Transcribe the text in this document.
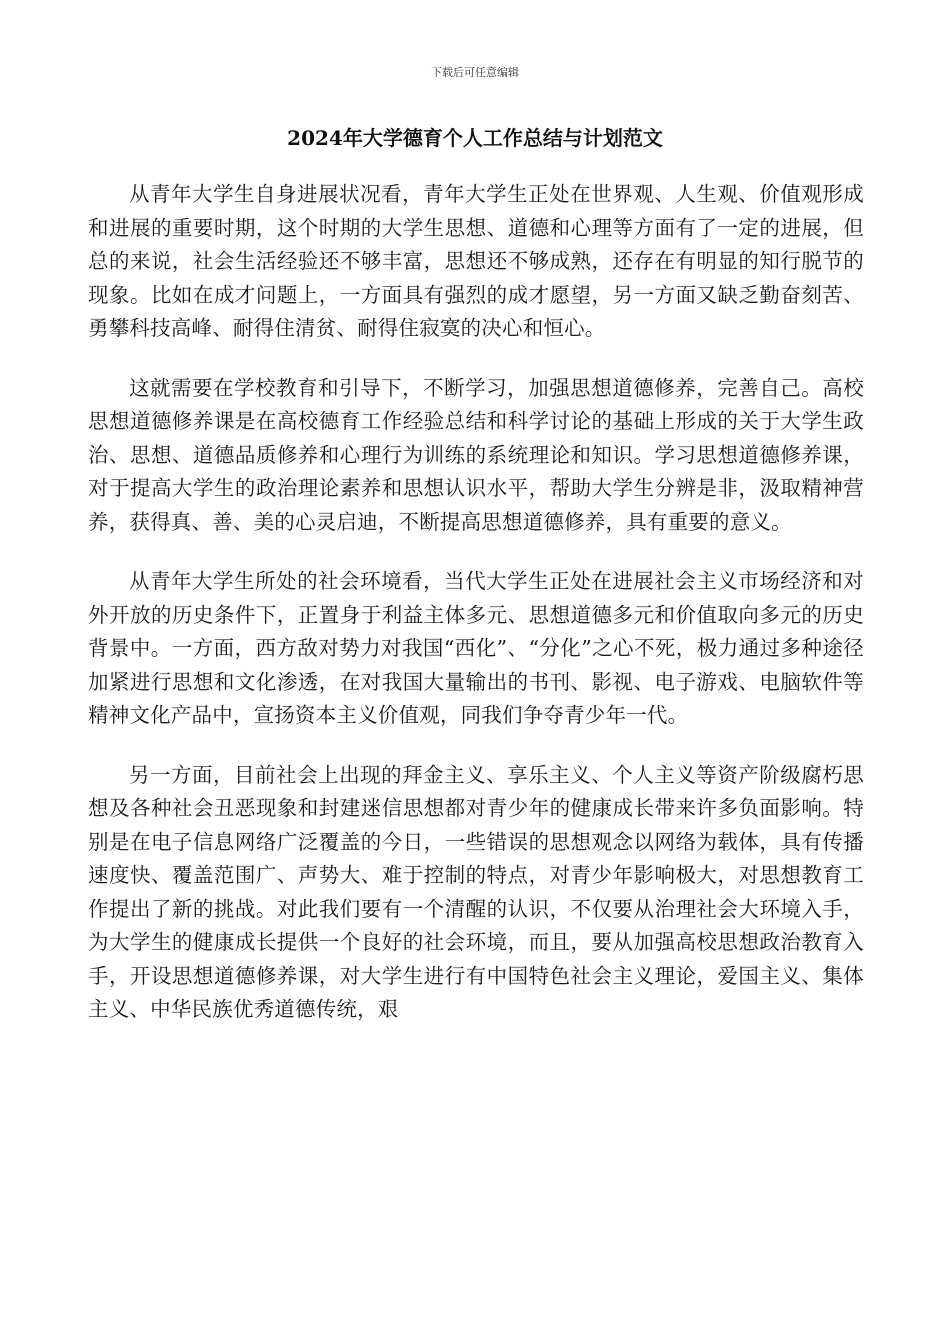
下载后可任意编辑
2024年大学德育个人工作总结与计划范文

从青年大学生自身进展状况看，青年大学生正处在世界观、人生观、价值观形成和进展的重要时期，这个时期的大学生思想、道德和心理等方面有了一定的进展，但总的来说，社会生活经验还不够丰富，思想还不够成熟，还存在有明显的知行脱节的现象。比如在成才问题上，一方面具有强烈的成才愿望，另一方面又缺乏勤奋刻苦、勇攀科技高峰、耐得住清贫、耐得住寂寞的决心和恒心。

这就需要在学校教育和引导下，不断学习，加强思想道德修养，完善自己。高校思想道德修养课是在高校德育工作经验总结和科学讨论的基础上形成的关于大学生政治、思想、道德品质修养和心理行为训练的系统理论和知识。学习思想道德修养课，对于提高大学生的政治理论素养和思想认识水平，帮助大学生分辨是非，汲取精神营养，获得真、善、美的心灵启迪，不断提高思想道德修养，具有重要的意义。

从青年大学生所处的社会环境看，当代大学生正处在进展社会主义市场经济和对外开放的历史条件下，正置身于利益主体多元、思想道德多元和价值取向多元的历史背景中。一方面，西方敌对势力对我国“西化”、“分化”之心不死，极力通过多种途径加紧进行思想和文化渗透，在对我国大量输出的书刊、影视、电子游戏、电脑软件等精神文化产品中，宣扬资本主义价值观，同我们争夺青少年一代。

另一方面，目前社会上出现的拜金主义、享乐主义、个人主义等资产阶级腐朽思想及各种社会丑恶现象和封建迷信思想都对青少年的健康成长带来许多负面影响。特别是在电子信息网络广泛覆盖的今日，一些错误的思想观念以网络为载体，具有传播速度快、覆盖范围广、声势大、难于控制的特点，对青少年影响极大，对思想教育工作提出了新的挑战。对此我们要有一个清醒的认识，不仅要从治理社会大环境入手，为大学生的健康成长提供一个良好的社会环境，而且，要从加强高校思想政治教育入手，开设思想道德修养课，对大学生进行有中国特色社会主义理论，爱国主义、集体主义、中华民族优秀道德传统，艰
